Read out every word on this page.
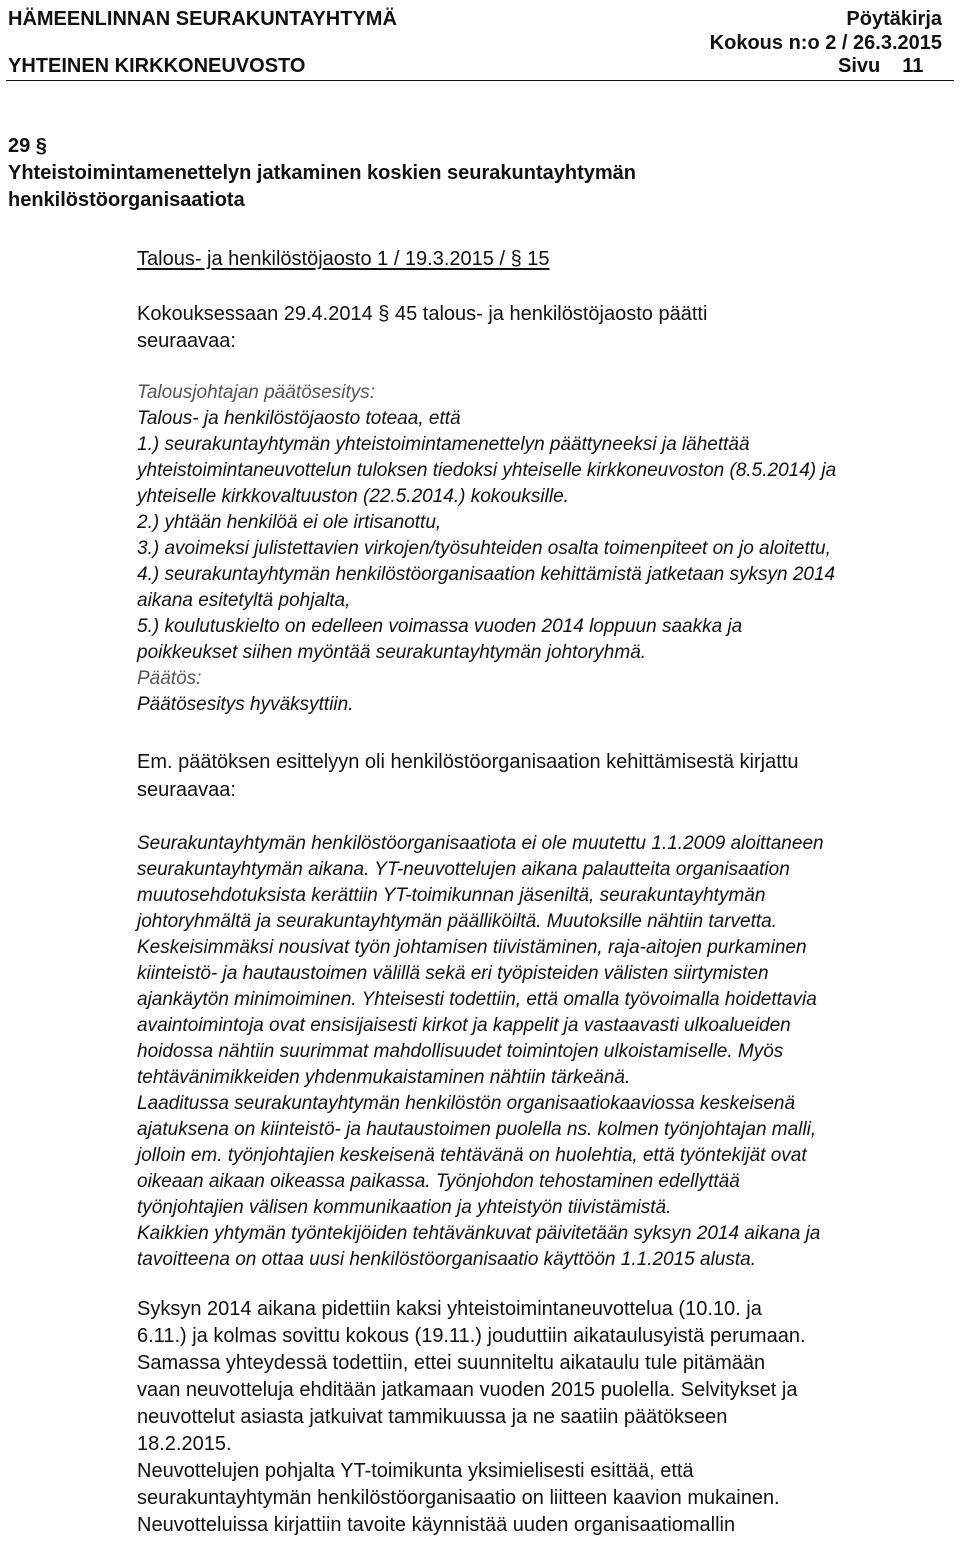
HÄMEENLINNAN SEURAKUNTAYHTYMÄ	Pöytäkirja
Kokous n:o 2 / 26.3.2015
YHTEINEN KIRKKONEUVOSTO	Sivu 11
29 §
Yhteistoimintamenettelyn jatkaminen koskien seurakuntayhtymän
henkilöstöorganisaatiota
Talous- ja henkilöstöjaosto 1 / 19.3.2015 / § 15
Kokouksessaan 29.4.2014 § 45 talous- ja henkilöstöjaosto päätti
seuraavaa:
Talousjohtajan päätösesitys:
Talous- ja henkilöstöjaosto toteaa, että
1.) seurakuntayhtymän yhteistoimintamenettelyn päättyneeksi ja lähettää
yhteistoimintaneuvottelun tuloksen tiedoksi yhteiselle kirkkoneuvoston (8.5.2014) ja
yhteiselle kirkkovaltuuston (22.5.2014.) kokouksille.
2.) yhtään henkilöä ei ole irtisanottu,
3.) avoimeksi julistettavien virkojen/työsuhteiden osalta toimenpiteet on jo aloitettu,
4.) seurakuntayhtymän henkilöstöorganisaation kehittämistä jatketaan syksyn 2014
aikana esitetyltä pohjalta,
5.) koulutuskielto on edelleen voimassa vuoden 2014 loppuun saakka ja
poikkeukset siihen myöntää seurakuntayhtymän johtoryhmä.
Päätös:
Päätösesitys hyväksyttiin.
Em. päätöksen esittelyyn oli henkilöstöorganisaation kehittämisestä kirjattu
seuraavaa:
Seurakuntayhtymän henkilöstöorganisaatiota ei ole muutettu 1.1.2009 aloittaneen
seurakuntayhtymän aikana. YT-neuvottelujen aikana palautteita organisaation
muutosehdotuksista kerättiin YT-toimikunnan jäseniltä, seurakuntayhtymän
johtoryhmältä ja seurakuntayhtymän päälliköiltä. Muutoksille nähtiin tarvetta.
Keskeisimmäksi nousivat työn johtamisen tiivistäminen, raja-aitojen purkaminen
kiinteistö- ja hautaustoimen välillä sekä eri työpisteiden välisten siirtymisten
ajankäytön minimoiminen. Yhteisesti todettiin, että omalla työvoimalla hoidettavia
avaintoimintoja ovat ensisijaisesti kirkot ja kappelit ja vastaavasti ulkoalueiden
hoidossa nähtiin suurimmat mahdollisuudet toimintojen ulkoistamiselle. Myös
tehtävänimikkeiden yhdenmukaistaminen nähtiin tärkeänä.
Laaditussa seurakuntayhtymän henkilöstön organisaatiokaaviossa keskeisenä
ajatuksena on kiinteistö- ja hautaustoimen puolella ns. kolmen työnjohtajan malli,
jolloin em. työnjohtajien keskeisenä tehtävänä on huolehtia, että työntekijät ovat
oikeaan aikaan oikeassa paikassa. Työnjohdon tehostaminen edellyttää
työnjohtajien välisen kommunikaation ja yhteistyön tiivistämistä.
Kaikkien yhtymän työntekijöiden tehtävänkuvat päivitetään syksyn 2014 aikana ja
tavoitteena on ottaa uusi henkilöstöorganisaatio käyttöön 1.1.2015 alusta.
Syksyn 2014 aikana pidettiin kaksi yhteistoimintaneuvottelua (10.10. ja
6.11.) ja kolmas sovittu kokous (19.11.) jouduttiin aikataulusyistä perumaan.
Samassa yhteydessä todettiin, ettei suunniteltu aikataulu tule pitämään
vaan neuvotteluja ehditään jatkamaan vuoden 2015 puolella. Selvitykset ja
neuvottelut asiasta jatkuivat tammikuussa ja ne saatiin päätökseen
18.2.2015.
Neuvottelujen pohjalta YT-toimikunta yksimielisesti esittää, että
seurakuntayhtymän henkilöstöorganisaatio on liitteen kaavion mukainen.
Neuvotteluissa kirjattiin tavoite käynnistää uuden organisaatiomallin
